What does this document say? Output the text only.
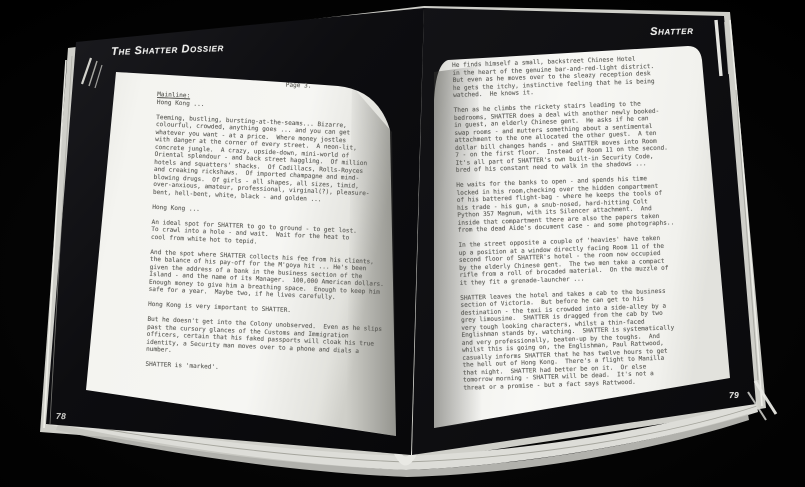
The Shatter Dossier
78
Shatter
79
Page 3.
Mainline:
Hong Kong ...

Teeming, bustling, bursting-at-the-seams... Bizarre,
colourful, crowded, anything goes ... and you can get
whatever you want - at a price.  Where money jostles
with danger at the corner of every street.  A neon-lit,
concrete jungle.  A crazy, upside-down, mini-world of
Oriental splendour - and back street haggling.  Of million
hotels and squatters' shacks.  Of Cadillacs, Rolls-Royces
and creaking rickshaws.  Of imported champagne and mind-
blowing drugs.  Of girls - all shapes, all sizes, timid,
over-anxious, amateur, professional, virginal(?), pleasure-
bent, hell-bent, white, black - and golden ...

Hong Kong ...

An ideal spot for SHATTER to go to ground - to get lost.
To crawl into a hole - and wait.  Wait for the heat to
cool from white hot to tepid.

And the spot where SHATTER collects his fee from his clients,
the balance of his pay-off for the M'goya hit ... He's been
given the address of a bank in the business section of the
Island - and the name of its Manager.  100,000 American dollars.
Enough money to give him a breathing space.  Enough to keep him
safe for a year.  Maybe two, if he lives carefully.

Hong Kong is very important to SHATTER.

But he doesn't get into the Colony unobserved.  Even as he slips
past the cursory glances of the Customs and Immigration
officers, certain that his faked passports will cloak his true
identity, a Security man moves over to a phone and dials a
number.

SHATTER is 'marked'.
He finds himself a small, backstreet Chinese Hotel
in the heart of the genuine bar-and-red-light district.
But even as he moves over to the sleazy reception desk
he gets the itchy, instinctive feeling that he is being
watched.  He knows it.

Then as he climbs the rickety stairs leading to the
bedrooms, SHATTER does a deal with another newly booked-
in guest, an elderly Chinese gent.  He asks if he can
swap rooms - and mutters something about a sentimental
attachment to the one allocated the other guest.  A ten
dollar bill changes hands - and SHATTER moves into Room
7 - on the first floor.  Instead of Room 11 on the second.
It's all part of SHATTER's own built-in Security Code,
bred of his constant need to walk in the shadows ...

He waits for the banks to open - and spends his time
locked in his room,checking over the hidden compartment
of his battered flight-bag - where he keeps the tools of
his trade - his gun, a snub-nosed, hard-hitting Colt
Python 357 Magnum, with its Silencer attachment.  And
inside that compartment there are also the papers taken
from the dead Aide's document case - and some photographs..

In the street opposite a couple of 'heavies' have taken
up a position at a window directly facing Room 11 of the
second floor of SHATTER's hotel - the room now occupied
by the elderly Chinese gent.  The two men take a compact
rifle from a roll of brocaded material.  On the muzzle of
it they fit a grenade-launcher ...

SHATTER leaves the hotel and takes a cab to the business
section of Victoria.  But before he can get to his
destination - the taxi is crowded into a side-alley by a
grey limousine.  SHATTER is dragged from the cab by two
very tough looking characters, whilst a thin-faced
Englishman stands by, watching.  SHATTER is systematically
and very professionally, beaten-up by the toughs.  And
whilst this is going on, the Englishman, Paul Rattwood,
casually informs SHATTER that he has twelve hours to get
the hell out of Hong Kong.  There's a flight to Manilla
that night.  SHATTER had better be on it.  Or else
tomorrow morning - SHATTER will be dead.  It's not a
threat or a promise - but a fact says Rattwood.
